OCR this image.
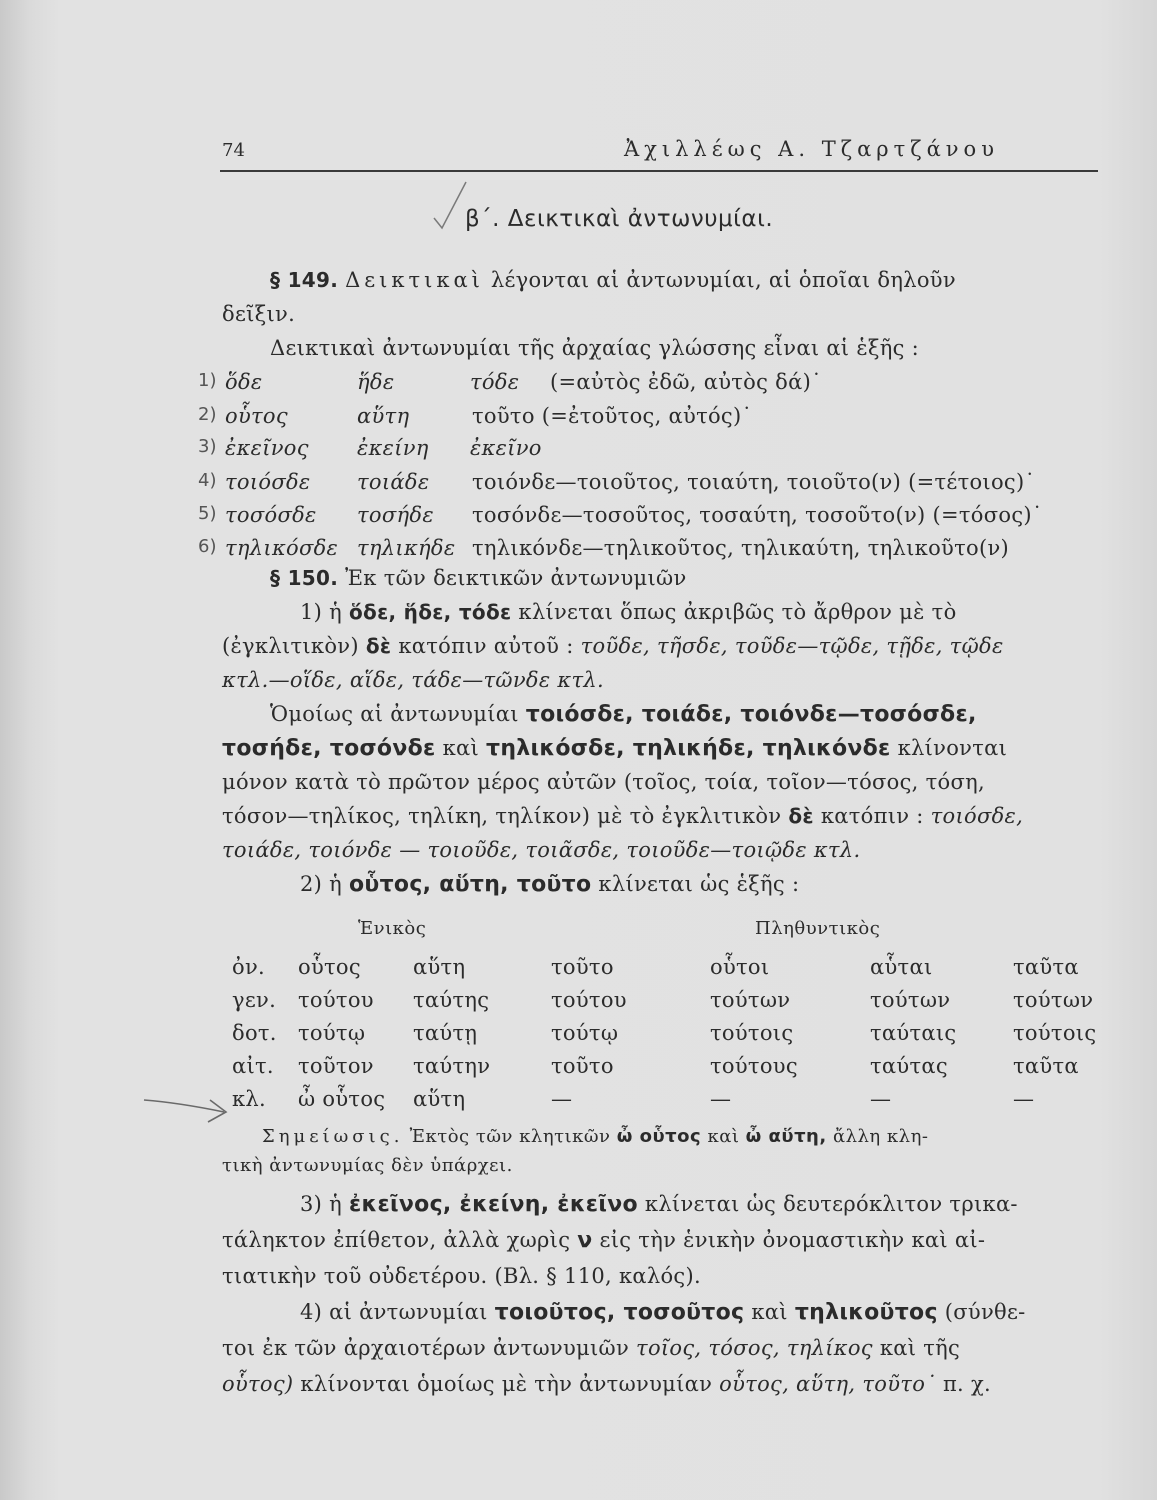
74	Ἀχιλλέως Α. Τζαρτζάνου
β΄. Δεικτικαὶ ἀντωνυμίαι.
§ 149. Δεικτικαὶ λέγονται αἱ ἀντωνυμίαι, αἱ ὁποῖαι δηλοῦν
δεῖξιν.
Δεικτικαὶ ἀντωνυμίαι τῆς ἀρχαίας γλώσσης εἶναι αἱ ἑξῆς :
1) ὅδε	ἥδε	τόδε (=αὐτὸς ἐδῶ, αὐτὸς δά)˙
2) οὗτος	αὕτη	τοῦτο (=ἐτοῦτος, αὐτός)˙
3) ἐκεῖνος ἐκείνη ἐκεῖνο
4) τοιόσδε τοιάδε τοιόνδε—τοιοῦτος, τοιαύτη, τοιοῦτο(ν) (=τέτοιος)˙
5) τοσόσδε τοσήδε τοσόνδε—τοσοῦτος, τοσαύτη, τοσοῦτο(ν) (=τόσος)˙
6) τηλικόσδε τηλικήδε τηλικόνδε—τηλικοῦτος, τηλικαύτη, τηλικοῦτο(ν)
§ 150. Ἐκ τῶν δεικτικῶν ἀντωνυμιῶν
1) ἡ ὅδε, ἥδε, τόδε κλίνεται ὅπως ἀκριβῶς τὸ ἄρθρον μὲ τὸ
(ἐγκλιτικὸν) δὲ κατόπιν αὐτοῦ : τοῦδε, τῆσδε, τοῦδε—τῷδε, τῇδε, τῷδε
κτλ.—οἵδε, αἵδε, τάδε—τῶνδε κτλ.
Ὁμοίως αἱ ἀντωνυμίαι τοιόσδε, τοιάδε, τοιόνδε—τοσόσδε,
τοσήδε, τοσόνδε καὶ τηλικόσδε, τηλικήδε, τηλικόνδε κλίνονται
μόνον κατὰ τὸ πρῶτον μέρος αὐτῶν (τοῖος, τοία, τοῖον—τόσος, τόση,
τόσον—τηλίκος, τηλίκη, τηλίκον) μὲ τὸ ἐγκλιτικὸν δὲ κατόπιν : τοιόσδε,
τοιάδε, τοιόνδε — τοιοῦδε, τοιᾶσδε, τοιοῦδε—τοιῷδε κτλ.
2) ἡ οὗτος, αὕτη, τοῦτο κλίνεται ὡς ἑξῆς :
Ἑνικὸς	Πληθυντικὸς
ὀν. οὗτος αὕτη	τοῦτο	οὗτοι	αὗται	ταῦτα
γεν. τούτου ταύτης	τούτου	τούτων	τούτων	τούτων
δοτ. τούτῳ ταύτῃ	τούτῳ	τούτοις	ταύταις	τούτοις
αἰτ. τοῦτον ταύτην	τοῦτο	τούτους	ταύτας	ταῦτα
κλ. ὦ οὗτος αὕτη	—	—	—	—
Σημείωσις. Ἐκτὸς τῶν κλητικῶν ὦ οὗτος καὶ ὦ αὕτη, ἄλλη κλη-
τικὴ ἀντωνυμίας δὲν ὑπάρχει.
3) ἡ ἐκεῖνος, ἐκείνη, ἐκεῖνο κλίνεται ὡς δευτερόκλιτον τρικα-
τάληκτον ἐπίθετον, ἀλλὰ χωρὶς ν εἰς τὴν ἑνικὴν ὀνομαστικὴν καὶ αἰ-
τιατικὴν τοῦ οὐδετέρου. (Βλ. § 110, καλός).
4) αἱ ἀντωνυμίαι τοιοῦτος, τοσοῦτος καὶ τηλικοῦτος (σύνθε-
τοι ἐκ τῶν ἀρχαιοτέρων ἀντωνυμιῶν τοῖος, τόσος, τηλίκος καὶ τῆς
οὗτος) κλίνονται ὁμοίως μὲ τὴν ἀντωνυμίαν οὗτος, αὕτη, τοῦτο˙ π. χ.
